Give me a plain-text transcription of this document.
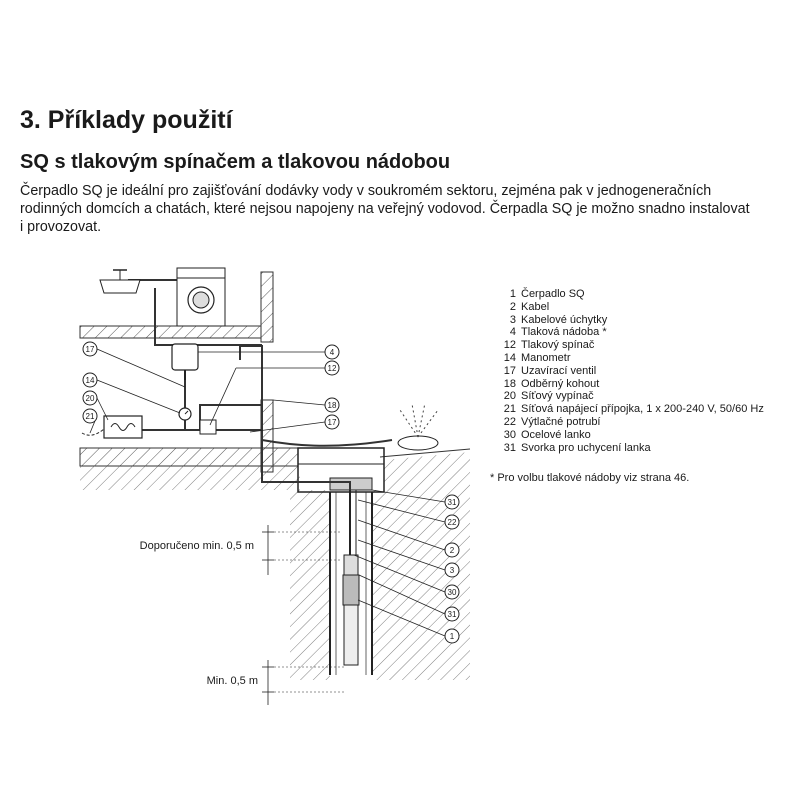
3. Příklady použití
SQ s tlakovým spínačem a tlakovou nádobou
Čerpadlo SQ je ideální pro zajišťování dodávky vody v soukromém sektoru, zejména pak v jednogeneračních
rodinných domcích a chatách, které nejsou napojeny na veřejný vodovod. Čerpadla SQ je možno snadno instalovat
i provozovat.
17
14
20
21
4
12
18
17
31
22
2
3
30
31
1
Doporučeno min. 0,5 m
Min. 0,5 m
1 Čerpadlo SQ
2 Kabel
3 Kabelové úchytky
4 Tlaková nádoba *
12 Tlakový spínač
14 Manometr
17 Uzavírací ventil
18 Odběrný kohout
20 Síťový vypínač
21 Síťová napájecí přípojka, 1 x 200-240 V, 50/60 Hz
22 Výtlačné potrubí
30 Ocelové lanko
31 Svorka pro uchycení lanka
* Pro volbu tlakové nádoby viz strana 46.
